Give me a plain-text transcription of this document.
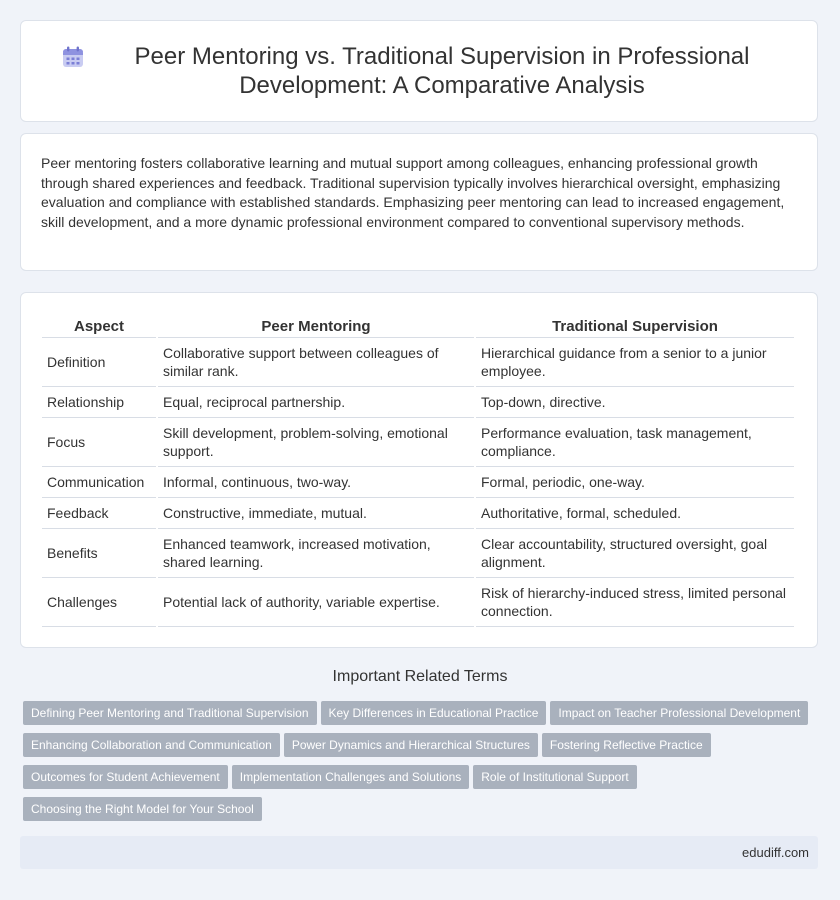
Peer Mentoring vs. Traditional Supervision in Professional Development: A Comparative Analysis

Peer mentoring fosters collaborative learning and mutual support among colleagues, enhancing professional growth through shared experiences and feedback. Traditional supervision typically involves hierarchical oversight, emphasizing evaluation and compliance with established standards. Emphasizing peer mentoring can lead to increased engagement, skill development, and a more dynamic professional environment compared to conventional supervisory methods.

Aspect	Peer Mentoring	Traditional Supervision
Definition	Collaborative support between colleagues of similar rank.	Hierarchical guidance from a senior to a junior employee.
Relationship	Equal, reciprocal partnership.	Top-down, directive.
Focus	Skill development, problem-solving, emotional support.	Performance evaluation, task management, compliance.
Communication	Informal, continuous, two-way.	Formal, periodic, one-way.
Feedback	Constructive, immediate, mutual.	Authoritative, formal, scheduled.
Benefits	Enhanced teamwork, increased motivation, shared learning.	Clear accountability, structured oversight, goal alignment.
Challenges	Potential lack of authority, variable expertise.	Risk of hierarchy-induced stress, limited personal connection.
Important Related Terms
Defining Peer Mentoring and Traditional Supervision Key Differences in Educational Practice Impact on Teacher Professional Development
Enhancing Collaboration and Communication Power Dynamics and Hierarchical Structures Fostering Reflective Practice
Outcomes for Student Achievement Implementation Challenges and Solutions Role of Institutional Support
Choosing the Right Model for Your School
edudiff.com
